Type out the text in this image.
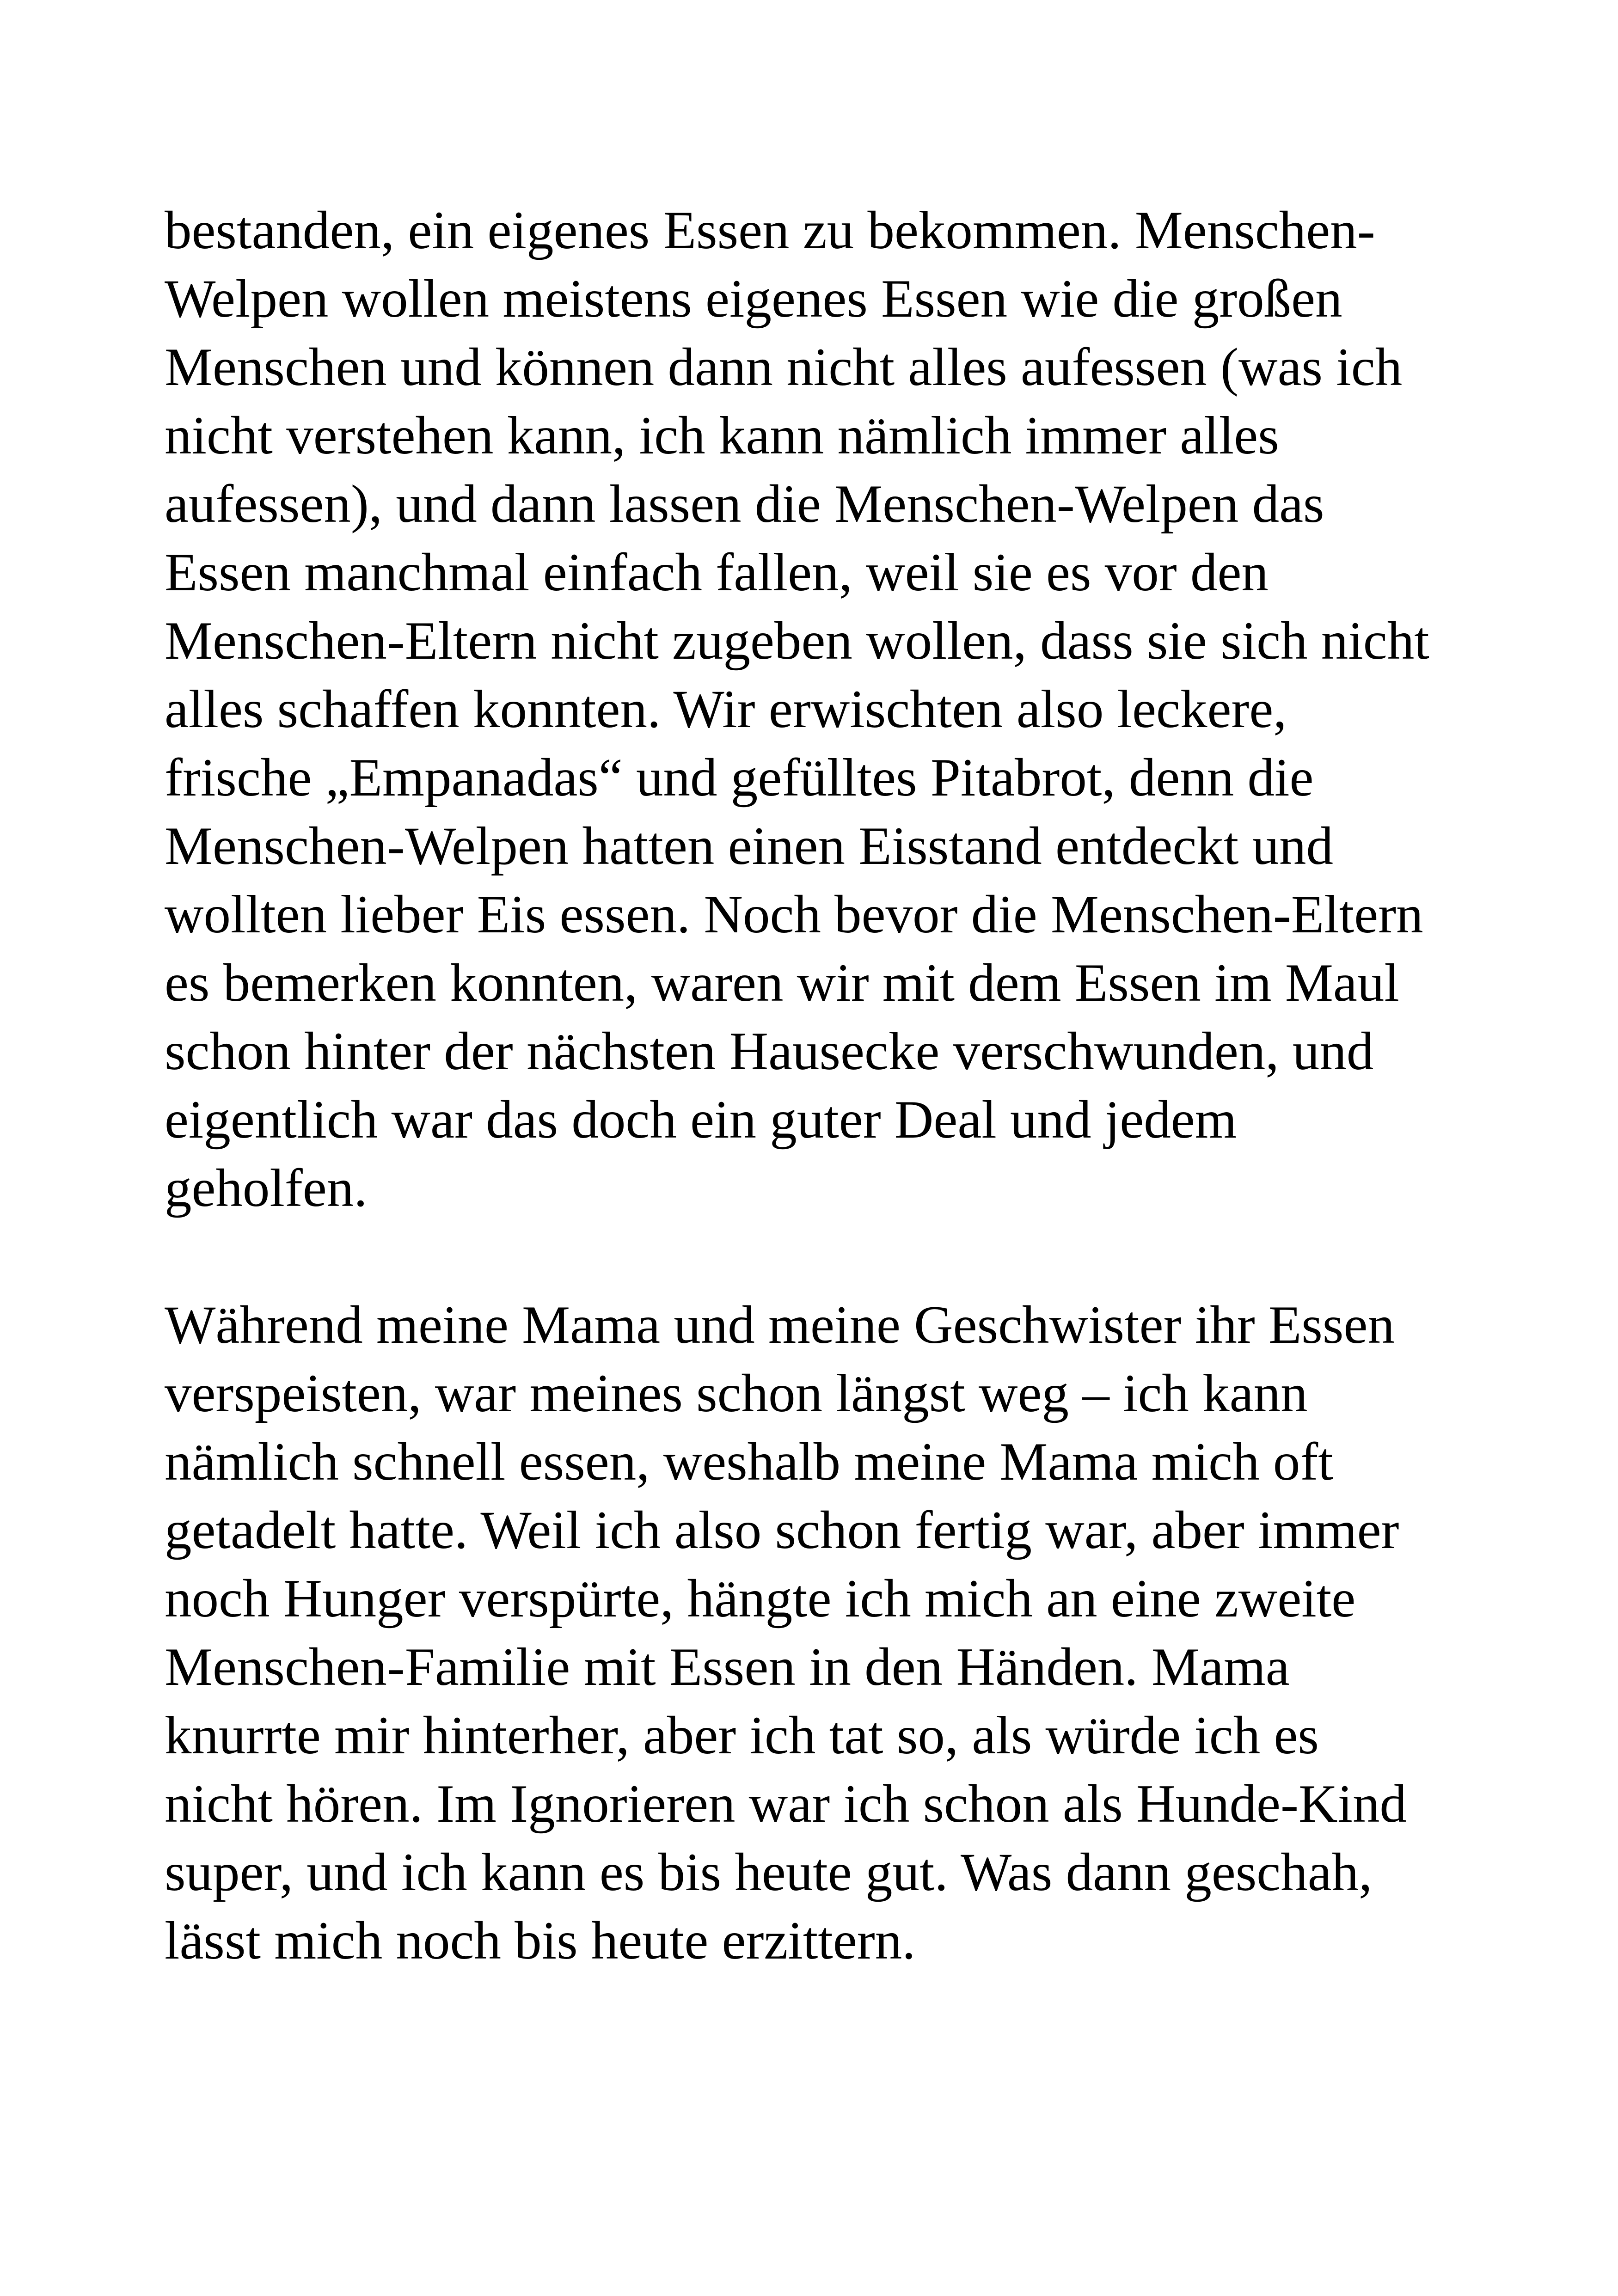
bestanden, ein eigenes Essen zu bekommen. Menschen-
Welpen wollen meistens eigenes Essen wie die großen
Menschen und können dann nicht alles aufessen (was ich
nicht verstehen kann, ich kann nämlich immer alles
aufessen), und dann lassen die Menschen-Welpen das
Essen manchmal einfach fallen, weil sie es vor den
Menschen-Eltern nicht zugeben wollen, dass sie sich nicht
alles schaffen konnten. Wir erwischten also leckere,
frische „Empanadas“ und gefülltes Pitabrot, denn die
Menschen-Welpen hatten einen Eisstand entdeckt und
wollten lieber Eis essen. Noch bevor die Menschen-Eltern
es bemerken konnten, waren wir mit dem Essen im Maul
schon hinter der nächsten Hausecke verschwunden, und
eigentlich war das doch ein guter Deal und jedem
geholfen.
Während meine Mama und meine Geschwister ihr Essen
verspeisten, war meines schon längst weg – ich kann
nämlich schnell essen, weshalb meine Mama mich oft
getadelt hatte. Weil ich also schon fertig war, aber immer
noch Hunger verspürte, hängte ich mich an eine zweite
Menschen-Familie mit Essen in den Händen. Mama
knurrte mir hinterher, aber ich tat so, als würde ich es
nicht hören. Im Ignorieren war ich schon als Hunde-Kind
super, und ich kann es bis heute gut. Was dann geschah,
lässt mich noch bis heute erzittern.
